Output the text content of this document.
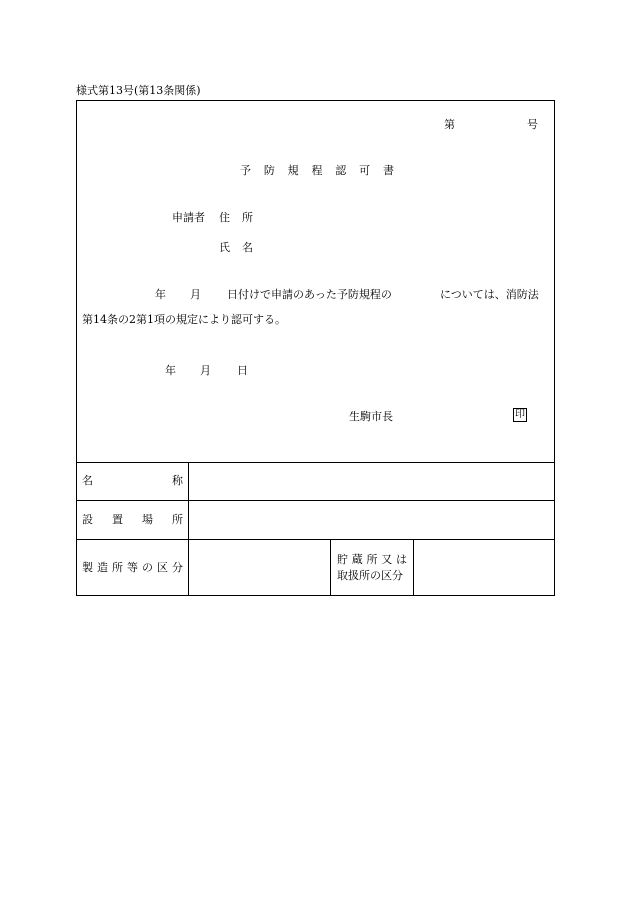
様式第13号(第13条関係)
第	号
予 防 規 程 認 可 書
申請者 住 所
氏 名
年 月 日付けで申請のあった予防規程の	については、消防法
第14条の2第1項の規定により認可する。
年 月 日
生駒市長	印
名	称
設 置 場 所
製 造 所 等 の 区 分
貯 蔵 所 又 は
取扱所の区分
